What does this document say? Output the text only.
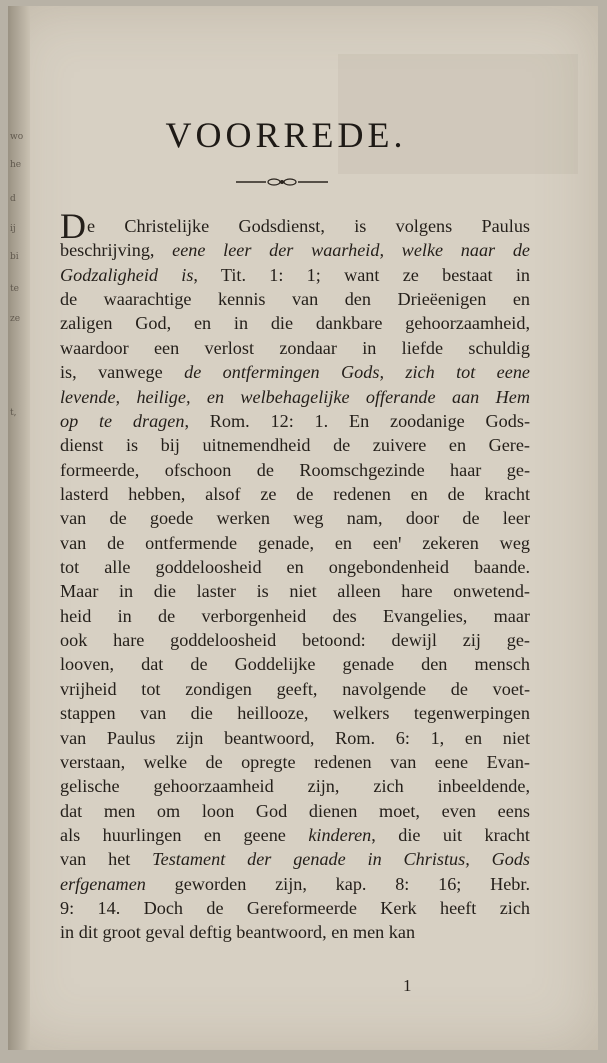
wo
he
d
ij
bi
te
ze
t,
VOORREDE.
De Christelijke Godsdienst, is volgens Paulus
beschrijving, eene leer der waarheid, welke naar de
Godzaligheid is, Tit. 1: 1; want ze bestaat in
de waarachtige kennis van den Drieëenigen en
zaligen God, en in die dankbare gehoorzaamheid,
waardoor een verlost zondaar in liefde schuldig
is, vanwege de ontfermingen Gods, zich tot eene
levende, heilige, en welbehagelijke offerande aan Hem
op te dragen, Rom. 12: 1. En zoodanige Gods-
dienst is bij uitnemendheid de zuivere en Gere-
formeerde, ofschoon de Roomschgezinde haar ge-
lasterd hebben, alsof ze de redenen en de kracht
van de goede werken weg nam, door de leer
van de ontfermende genade, en eenꞌ zekeren weg
tot alle goddeloosheid en ongebondenheid baande.
Maar in die laster is niet alleen hare onwetend-
heid in de verborgenheid des Evangelies, maar
ook hare goddeloosheid betoond: dewijl zij ge-
looven, dat de Goddelijke genade den mensch
vrijheid tot zondigen geeft, navolgende de voet-
stappen van die heillooze, welkers tegenwerpingen
van Paulus zijn beantwoord, Rom. 6: 1, en niet
verstaan, welke de opregte redenen van eene Evan-
gelische gehoorzaamheid zijn, zich inbeeldende,
dat men om loon God dienen moet, even eens
als huurlingen en geene kinderen, die uit kracht
van het Testament der genade in Christus, Gods
erfgenamen geworden zijn, kap. 8: 16; Hebr.
9: 14. Doch de Gereformeerde Kerk heeft zich
in dit groot geval deftig beantwoord, en men kan
1
